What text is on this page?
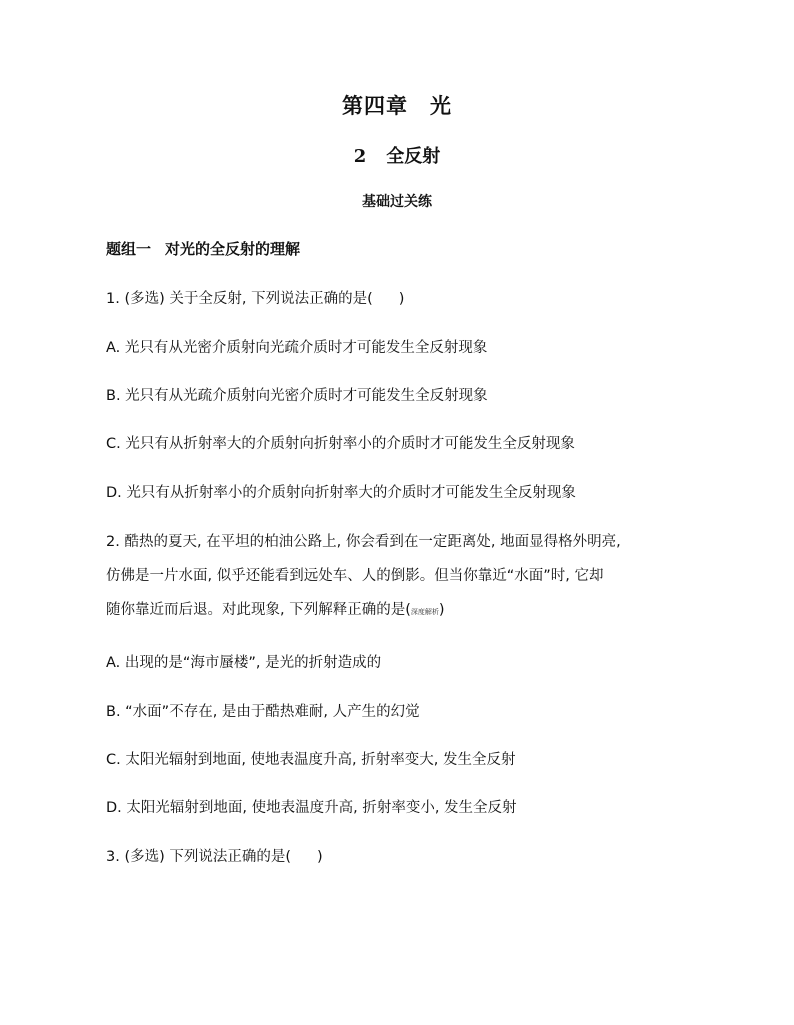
第四章 光
2 全反射
基础过关练
题组一 对光的全反射的理解
1. (多选) 关于全反射, 下列说法正确的是( )
A. 光只有从光密介质射向光疏介质时才可能发生全反射现象
B. 光只有从光疏介质射向光密介质时才可能发生全反射现象
C. 光只有从折射率大的介质射向折射率小的介质时才可能发生全反射现象
D. 光只有从折射率小的介质射向折射率大的介质时才可能发生全反射现象
2. 酷热的夏天, 在平坦的柏油公路上, 你会看到在一定距离处, 地面显得格外明亮,
仿佛是一片水面, 似乎还能看到远处车、人的倒影。但当你靠近“水面”时, 它却
随你靠近而后退。对此现象, 下列解释正确的是(深度解析)
A. 出现的是“海市蜃楼”, 是光的折射造成的
B. “水面”不存在, 是由于酷热难耐, 人产生的幻觉
C. 太阳光辐射到地面, 使地表温度升高, 折射率变大, 发生全反射
D. 太阳光辐射到地面, 使地表温度升高, 折射率变小, 发生全反射
3. (多选) 下列说法正确的是( )
